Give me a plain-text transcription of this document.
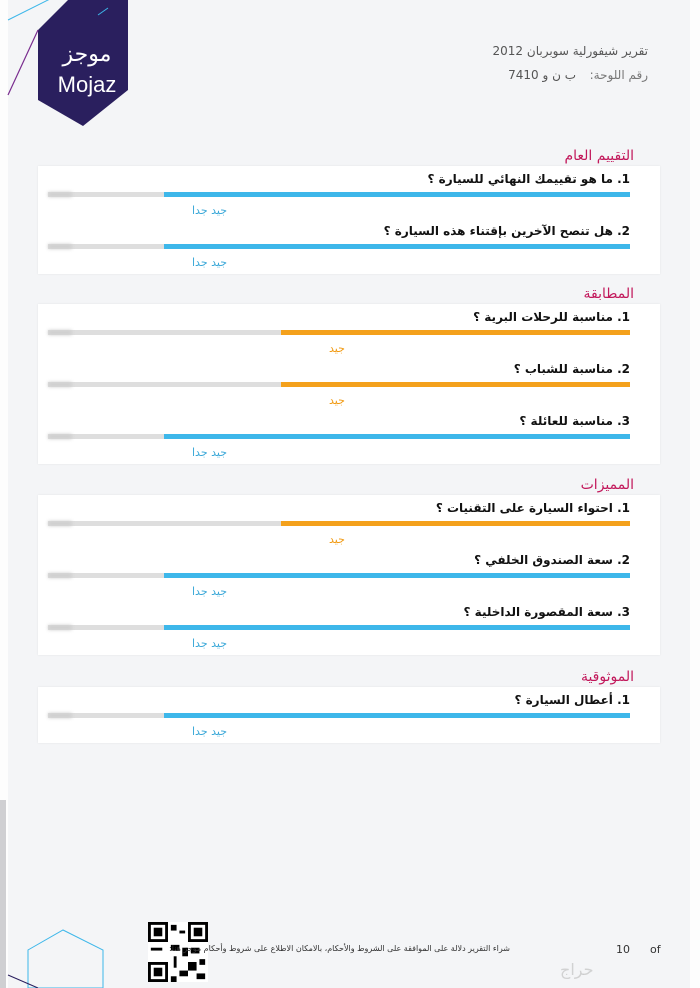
موجز
Mojaz
تقرير شيفورلية سوبربان 2012
رقم اللوحة:
ب ن و 7410
التقييم العام
1. ما هو تقييمك النهائي للسيارة ؟
جيد جدا
2. هل تنصح الآخرين بإقتناء هذه السيارة ؟
جيد جدا
المطابقة
1. مناسبة للرحلات البرية ؟
جيد
2. مناسبة للشباب ؟
جيد
3. مناسبة للعائلة ؟
جيد جدا
المميزات
1. احتواء السيارة على التقنيات ؟
جيد
2. سعة الصندوق الخلفي ؟
جيد جدا
3. سعة المقصورة الداخلية ؟
جيد جدا
الموثوقية
1. أعطال السيارة ؟
جيد جدا
شراء التقرير دلالة على الموافقة على الشروط والأحكام، بالامكان الاطلاع على شروط وأحكام موجز هنا:	10 of
حراج
